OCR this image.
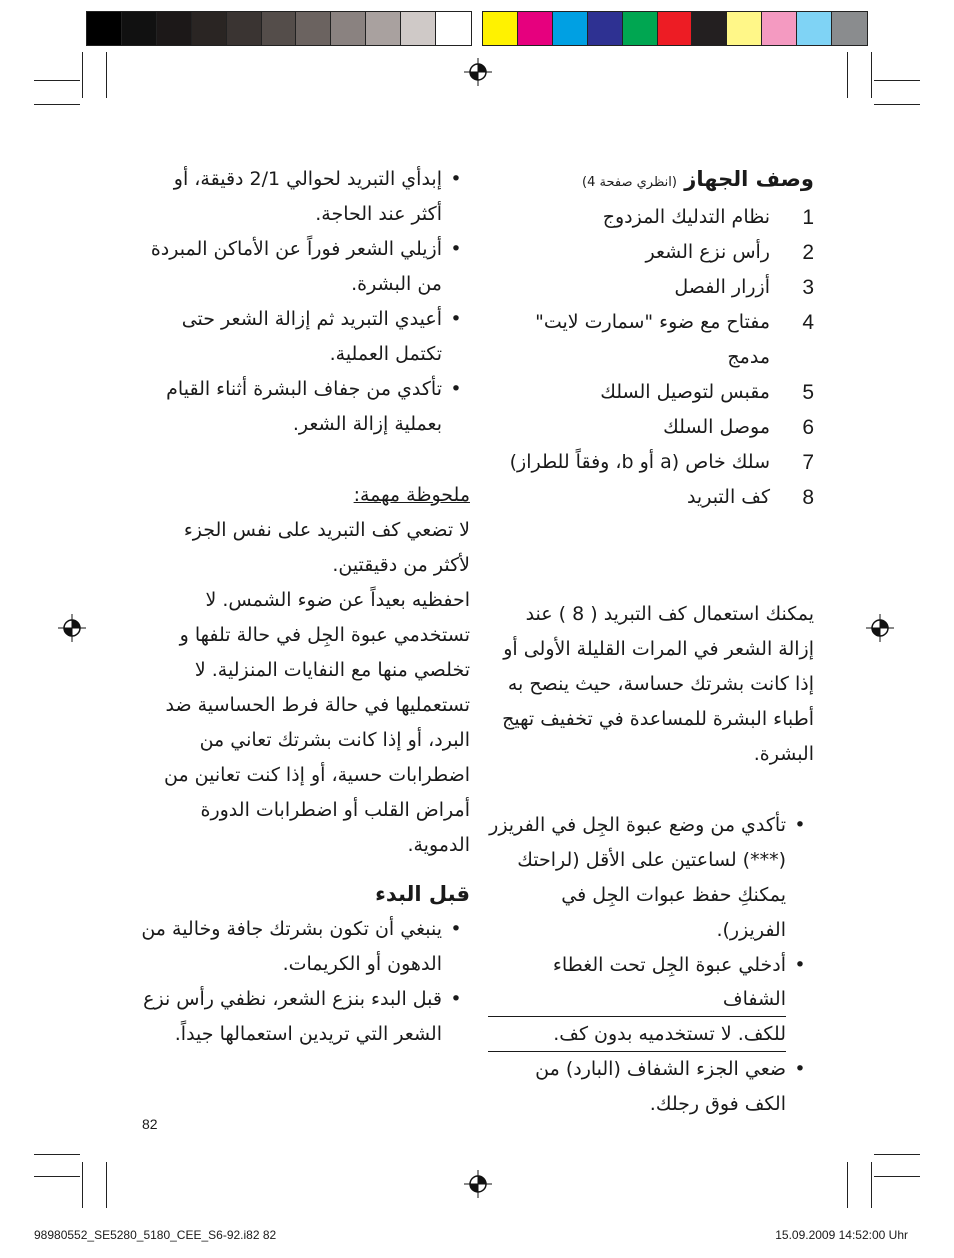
وصف الجهاز (انظري صفحة 4)

1
نظام التدليك المزدوج
2
رأس نزع الشعر
3
أزرار الفصل
4
مفتاح مع ضوء "سمارت لايت"
مدمج
5
مقبس لتوصيل السلك
6
موصل السلك
7
سلك خاص (a أو b، وفقاً للطراز)
8
كف التبريد

يمكنك استعمال كف التبريد ( 8 ) عند

إزالة الشعر في المرات القليلة الأولى أو

إذا كانت بشرتك حساسة، حيث ينصح به

أطباء البشرة للمساعدة في تخفيف تهيج

البشرة.

•

تأكدي من وضع عبوة الجِل في الفريزر

(***) لساعتين على الأقل (لراحتك

يمكنكِ حفظ عبوات الجِل في الفريزر).

•

أدخلي عبوة الجِل تحت الغطاء الشفاف

للكف. لا تستخدميه بدون كف.

•

ضعي الجزء الشفاف (البارد) من

الكف فوق رجلك.

•

إبدأي التبريد لحوالي 2/1 دقيقة، أو

أكثر عند الحاجة.

•

أزيلي الشعر فوراً عن الأماكن المبردة

من البشرة.

•

أعيدي التبريد ثم إزالة الشعر حتى

تكتمل العملية.

•

تأكدي من جفاف البشرة أثناء القيام

بعملية إزالة الشعر.

ملحوظة مهمة:

لا تضعي كف التبريد على نفس الجزء

لأكثر من دقيقتين.

احفظيه بعيداً عن ضوء الشمس. لا

تستخدمي عبوة الجِل في حالة تلفها و

تخلصي منها مع النفايات المنزلية. لا

تستعمليها في حالة فرط الحساسية ضد

البرد، أو إذا كانت بشرتك تعاني من

اضطرابات حسية، أو إذا كنت تعانين من

أمراض القلب أو اضطرابات الدورة

الدموية.

قبل البدء

•

ينبغي أن تكون بشرتك جافة وخالية من

الدهون أو الكريمات.

•

قبل البدء بنزع الشعر، نظفي رأس نزع

الشعر التي تريدين استعمالها جيداً.

82
98980552_SE5280_5180_CEE_S6-92.i82 82	15.09.2009 14:52:00 Uhr
